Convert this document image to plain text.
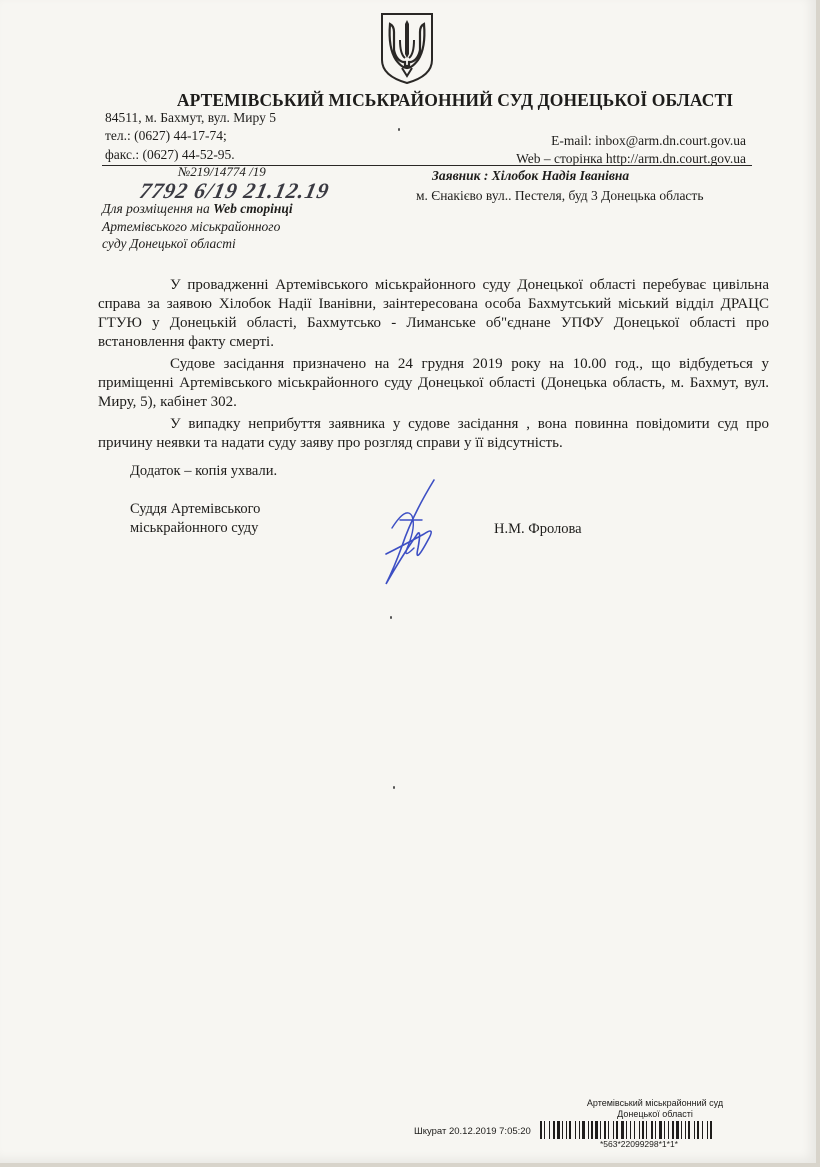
АРТЕМІВСЬКИЙ МІСЬКРАЙОННИЙ СУД ДОНЕЦЬКОЇ ОБЛАСТІ
84511, м. Бахмут, вул. Миру 5
тел.: (0627) 44-17-74;
факс.: (0627) 44-52-95.
E-mail: inbox@arm.dn.court.gov.ua
Web – сторінка http://arm.dn.court.gov.ua
№219/14774 /19
7792 6/19 21.12.19
Для розміщення на Web сторінці
Артемівського міськрайонного
суду Донецької області
Заявник : Хілобок Надія Іванівна
м. Єнакієво вул.. Пестеля, буд 3 Донецька область

У провадженні Артемівського міськрайонного суду Донецької області перебуває цивільна справа за заявою Хілобок Надії Іванівни, заінтересована особа Бахмутський міський відділ ДРАЦС ГТУЮ у Донецькій області, Бахмутсько - Лиманське об"єднане УПФУ Донецької області про встановлення факту смерті.

Судове засідання призначено на 24 грудня 2019 року на 10.00 год., що відбудеться у приміщенні Артемівського міськрайонного суду Донецької області (Донецька область, м. Бахмут, вул. Миру, 5), кабінет 302.

У випадку неприбуття заявника у судове засідання , вона повинна повідомити суд про причину неявки та надати суду заяву про розгляд справи у її відсутність.

Додаток – копія ухвали.
Суддя Артемівського
міськрайонного суду	Н.М. Фролова
Артемівський міськрайонний суд
Донецької області
Шкурат 20.12.2019 7:05:20
*563*22099298*1*1*
